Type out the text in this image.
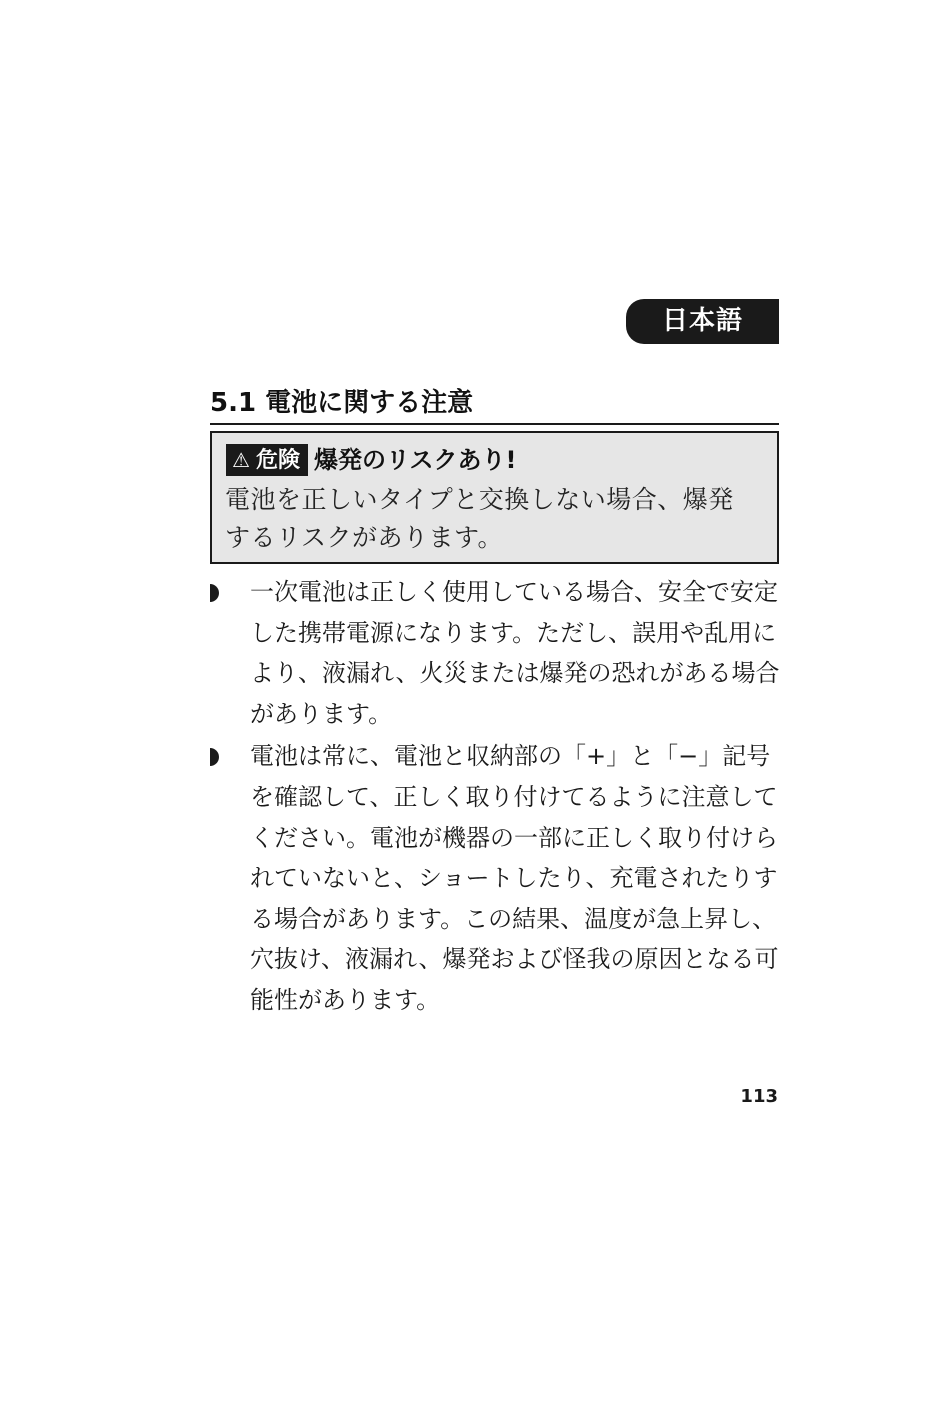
日本語
5.1 電池に関する注意
⚠ 危険 爆発のリスクあり!
電池を正しいタイプと交換しない場合、爆発
するリスクがあります。
一次電池は正しく使用している場合、安全で安定した携帯電源になります。ただし、誤用や乱用により、液漏れ、火災または爆発の恐れがある場合があります。
電池は常に、電池と収納部の「+」と「−」記号を確認して、正しく取り付けてるように注意してください。電池が機器の一部に正しく取り付けられていないと、ショートしたり、充電されたりする場合があります。この結果、温度が急上昇し、穴抜け、液漏れ、爆発および怪我の原因となる可能性があります。
113
